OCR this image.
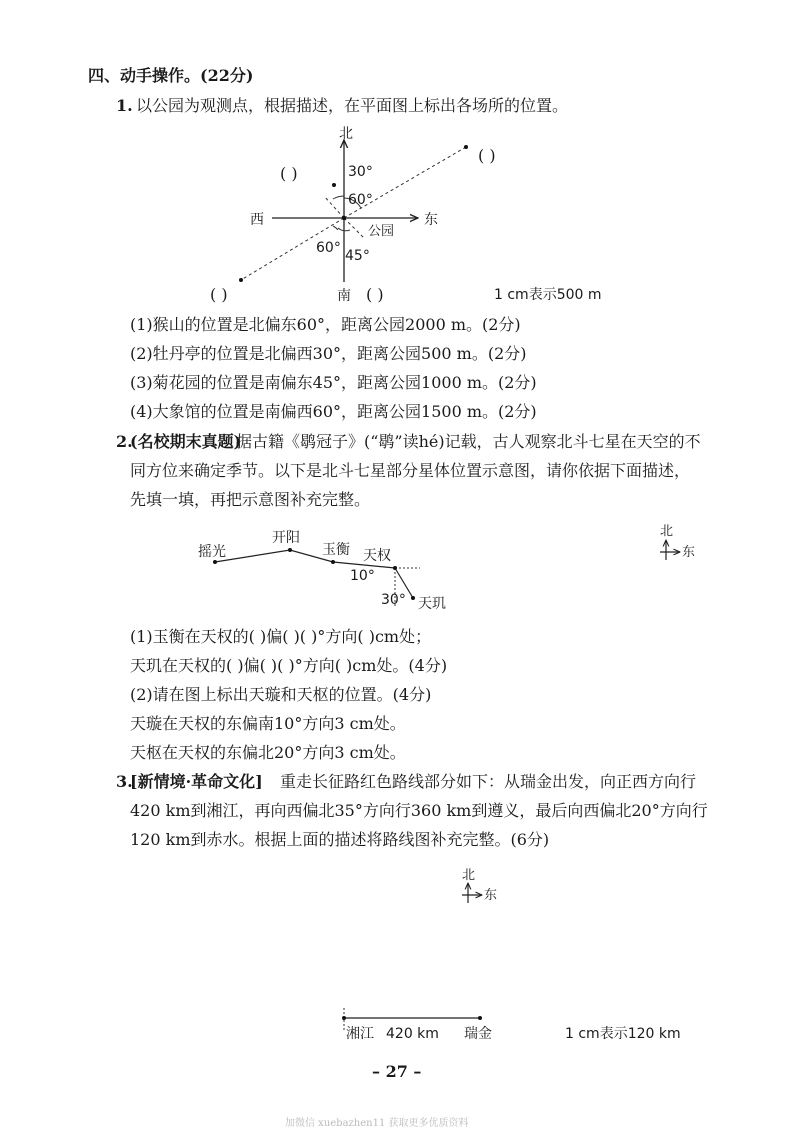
四、动手操作。(22分)
1. 以公园为观测点，根据描述，在平面图上标出各场所的位置。
北
西	东
南
公园
30°
60°
60° 45°
( )
( )
( )	( )	1 cm表示500 m
(1)猴山的位置是北偏东60°，距离公园2000 m。(2分)
(2)牡丹亭的位置是北偏西30°，距离公园500 m。(2分)
(3)菊花园的位置是南偏东45°，距离公园1000 m。(2分)
(4)大象馆的位置是南偏西60°，距离公园1500 m。(2分)
2.
(名校期末真题)
据古籍《鹖冠子》(“鹖”读hé)记载，古人观察北斗七星在天空的不
同方位来确定季节。以下是北斗七星部分星体位置示意图，请你依据下面描述，
先填一填，再把示意图补充完整。
摇光
开阳
玉衡 天权
天玑
10°
30°
北
东
(1)玉衡在天权的( )偏( )( )°方向( )cm处；
天玑在天权的( )偏( )( )°方向( )cm处。(4分)
(2)请在图上标出天璇和天枢的位置。(4分)
天璇在天权的东偏南10°方向3 cm处。
天枢在天权的东偏北20°方向3 cm处。
3.
[新情境·革命文化] 重走长征路红色路线部分如下：从瑞金出发，向正西方向行
420 km到湘江，再向西偏北35°方向行360 km到遵义，最后向西偏北20°方向行
120 km到赤水。根据上面的描述将路线图补充完整。(6分)
北
东
湘江 420 km 瑞金	1 cm表示120 km
– 27 –
加微信 xuebazhen11 获取更多优质资料
